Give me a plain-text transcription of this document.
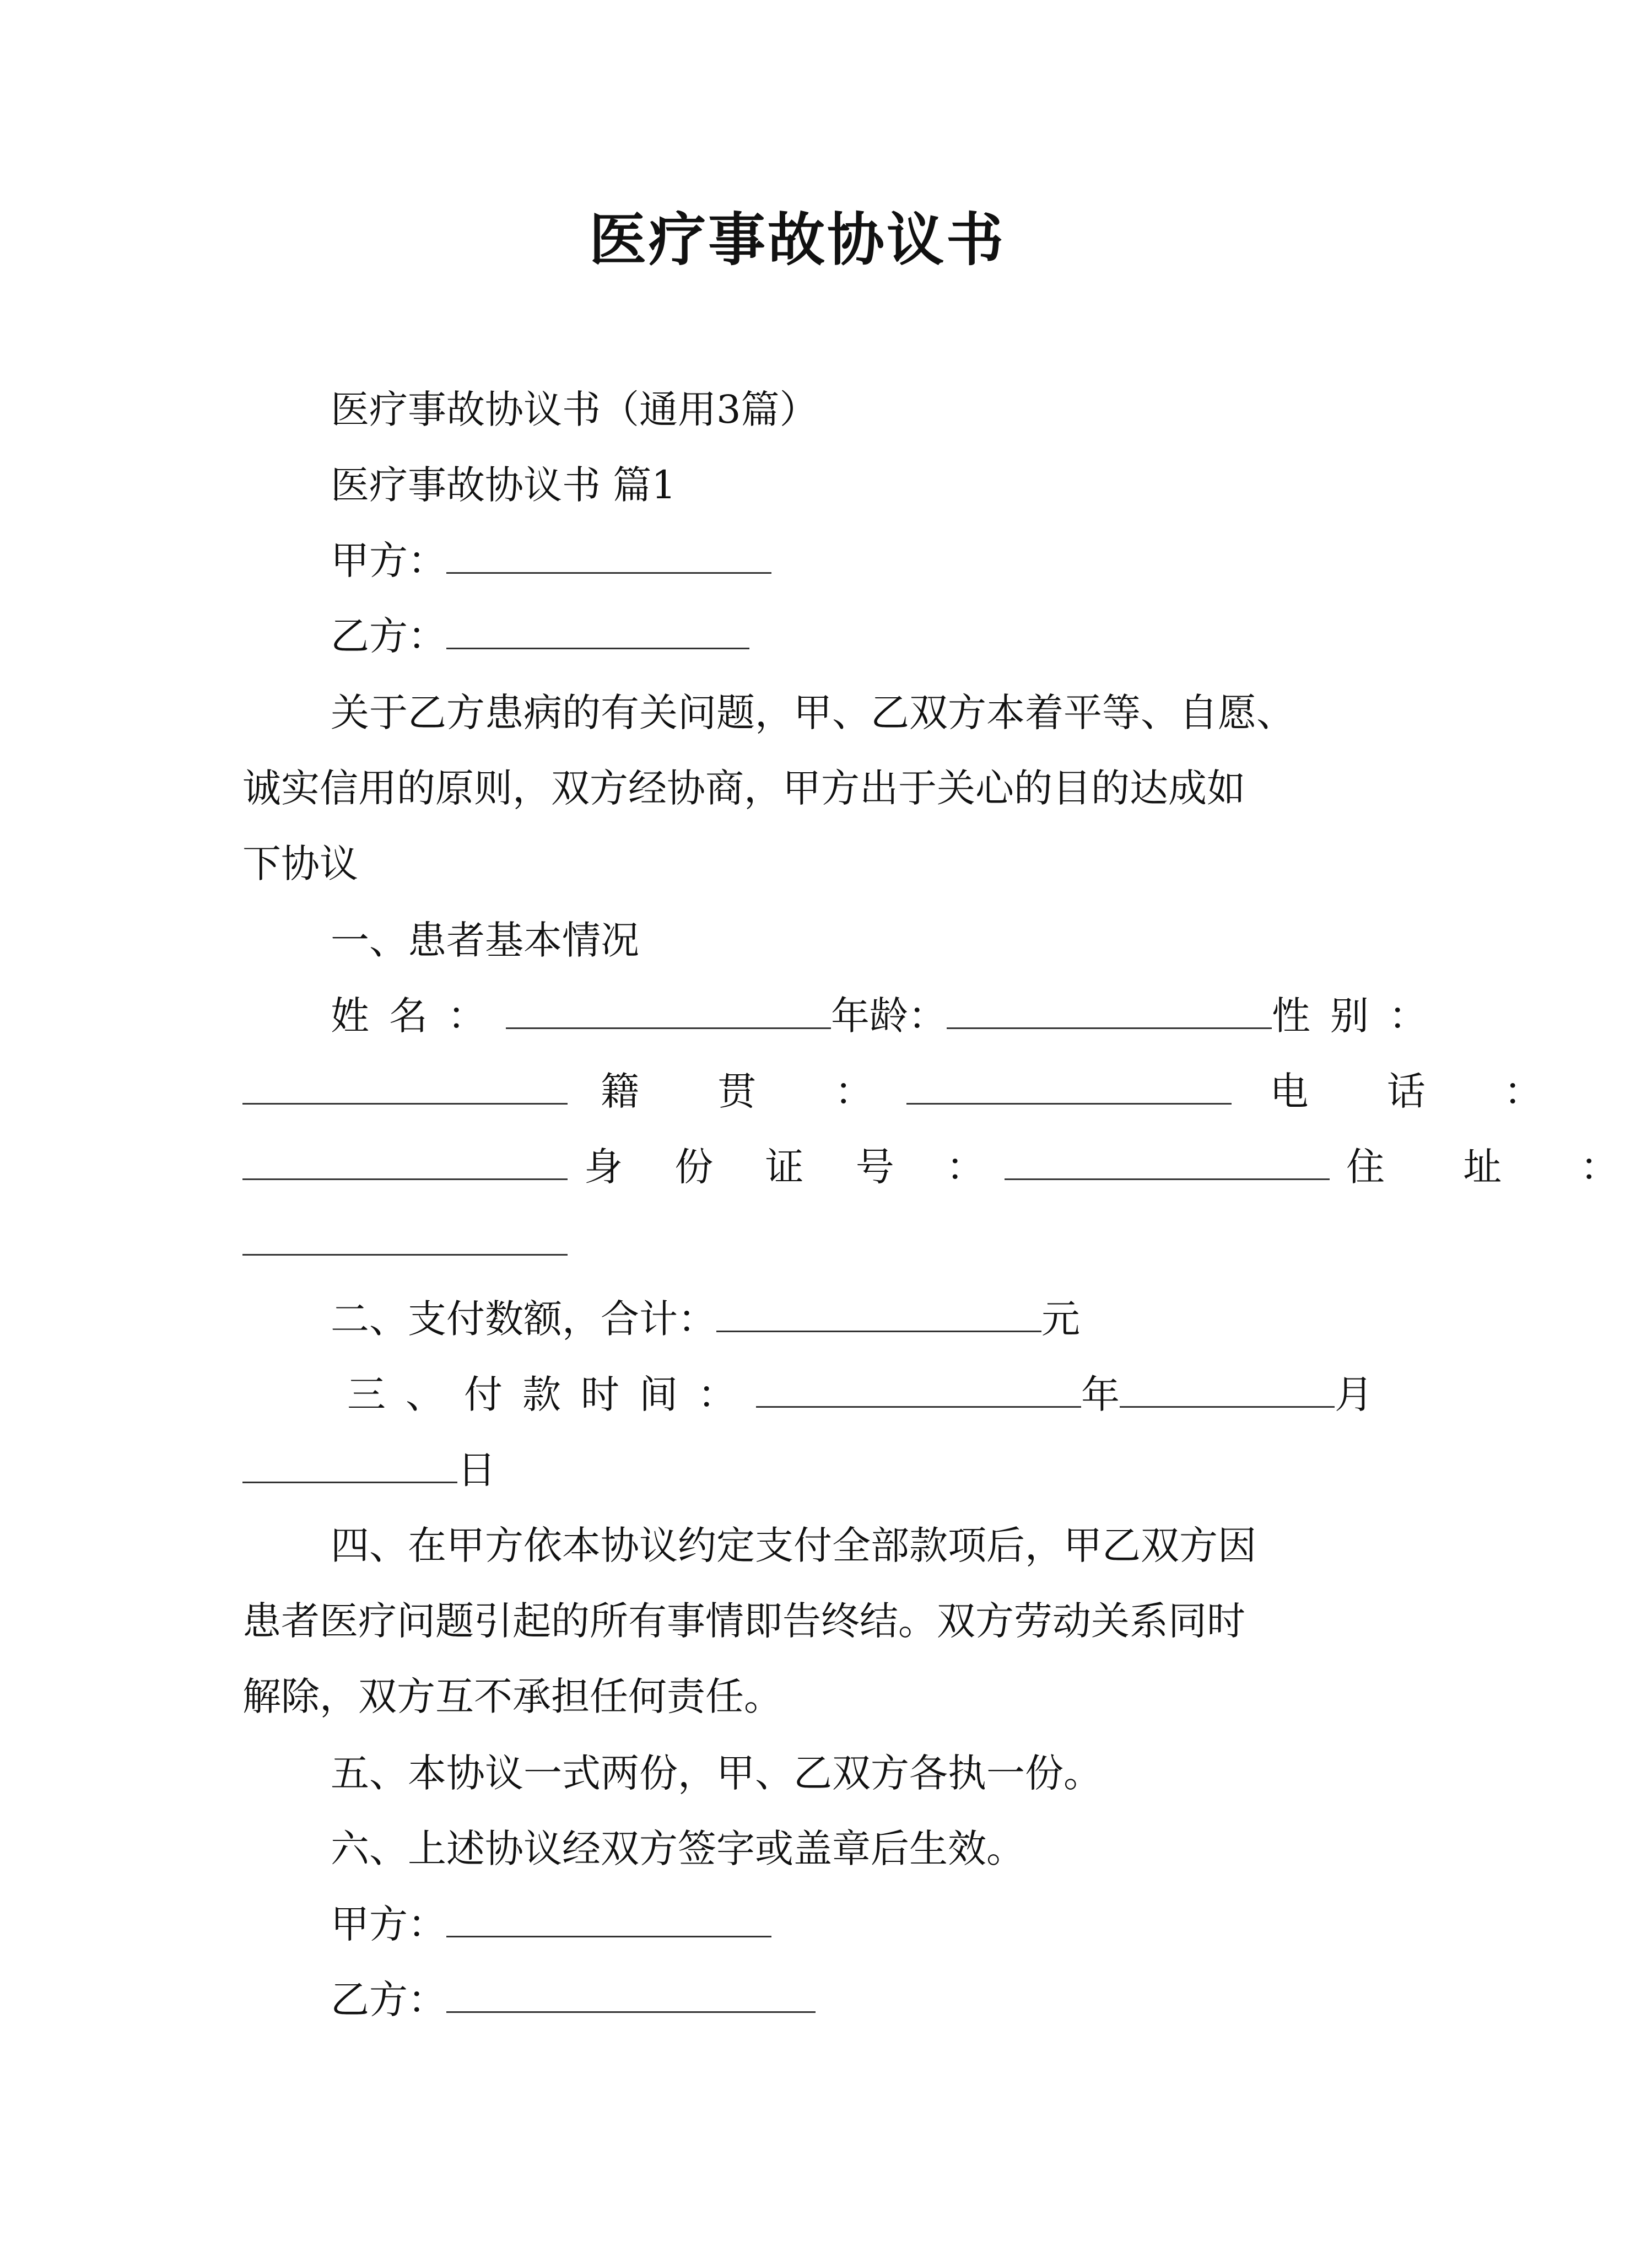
医疗事故协议书
医疗事故协议书（通用3篇）
医疗事故协议书 篇1
甲方：
乙方：
关于乙方患病的有关问题，甲、乙双方本着平等、自愿、
诚实信用的原则，双方经协商，甲方出于关心的目的达成如
下协议
一、患者基本情况
姓名：	年龄：	性别：
籍 贯 ：	电 话 ：
身 份 证 号 ：	住 址 ：
二、支付数额，合计：	元
三、付款时间：	年	月
日
四、在甲方依本协议约定支付全部款项后，甲乙双方因
患者医疗问题引起的所有事情即告终结。双方劳动关系同时
解除，双方互不承担任何责任。
五、本协议一式两份，甲、乙双方各执一份。
六、上述协议经双方签字或盖章后生效。
甲方：
乙方：
